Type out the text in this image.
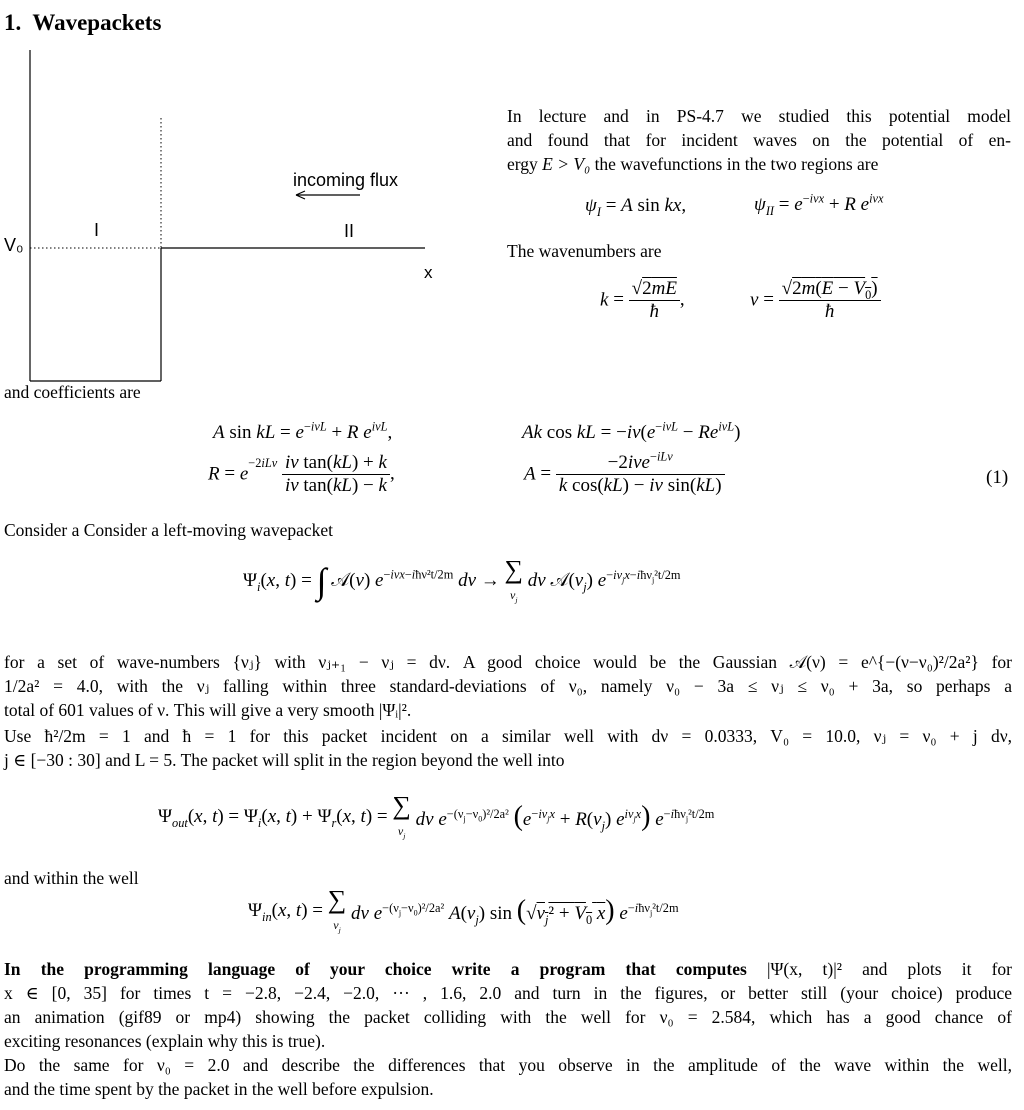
1. Wavepackets
V₀
I	II
incoming flux
x
In lecture and in PS-4.7 we studied this potential model
and found that for incident waves on the potential of en-
ergy E > V₀ the wavefunctions in the two regions are
$\psi_I = A$ sin kx,	$\psi_{II} = e^{-i\nu x} + R$ $e^{i\nu x}$
The wavenumbers are
$k = \frac{√2mE}{ħ}$ ,	$\nu = \frac{√2m(E - V_0)}{ħ}$
and coefficients are
A sin kL = $e^{-i\nu L} + R$ $e^{i\nu L}$,	Ak cos kL = $-i\nu(e^{-i\nu L} - Re^{i\nu L})$
$R = e^{-2iL\nu} \frac{\text{iν tan(kL) + k}}{\text{iν tan(kL) − k}}$ ,	$A = \frac{-2i\nu e^{-iL\nu}}{\text{k cos(kL) − iν sin(kL)}}$	(1)
Consider a Consider a left-moving wavepacket
$\Psi_i(x$, t) = ∫ 𝒜(ν) $e^{-i\nu x-iħ\nu^2t/2m}$ dν → ∑
$\nu_j$ dν $𝒜(\nu_j)$ $e^{-i\nu_jx-iħ\nu_j^2t/2m}$
for a set of wave-numbers {νⱼ} with νⱼ₊₁ − νⱼ = dν. A good choice would be the Gaussian 𝒜(ν) = e^{−(ν−ν₀)²/2a²} for
1/2a² = 4.0, with the νⱼ falling within three standard-deviations of ν₀, namely ν₀ − 3a ≤ νⱼ ≤ ν₀ + 3a, so perhaps a
total of 601 values of ν. This will give a very smooth |Ψᵢ|².
Use ħ²/2m = 1 and ħ = 1 for this packet incident on a similar well with dν = 0.0333, V₀ = 10.0, νⱼ = ν₀ + j dν,
j ∈ [−30 : 30] and L = 5. The packet will split in the region beyond the well into
$\Psi_{out}(x$, $t) = \Psi_i(x$, $t) + \Psi_r(x$, t) = ∑
$\nu_j$ dν $e^{-(\nu_j-\nu_0)^2/2a^2}$ ($e^{-i\nu_jx} + R(\nu_j)$ $e^{i\nu_jx}$) $e^{-iħ\nu_j^2t/2m}$
and within the well
$\Psi_{in}(x$, t) = ∑
$\nu_j$ dν $e^{-(\nu_j-\nu_0)^2/2a^2}$ $A(\nu_j)$ $\sin (√\nu_j^2 + V_0$ x) $e^{-iħ\nu_j^2t/2m}$
In the programming language of your choice write a program that computes |Ψ(x, t)|² and plots it for
x ∈ [0, 35] for times t = −2.8, −2.4, −2.0, ··· , 1.6, 2.0 and turn in the figures, or better still (your choice) produce
an animation (gif89 or mp4) showing the packet colliding with the well for ν₀ = 2.584, which has a good chance of
exciting resonances (explain why this is true).
Do the same for ν₀ = 2.0 and describe the differences that you observe in the amplitude of the wave within the well,
and the time spent by the packet in the well before expulsion.
